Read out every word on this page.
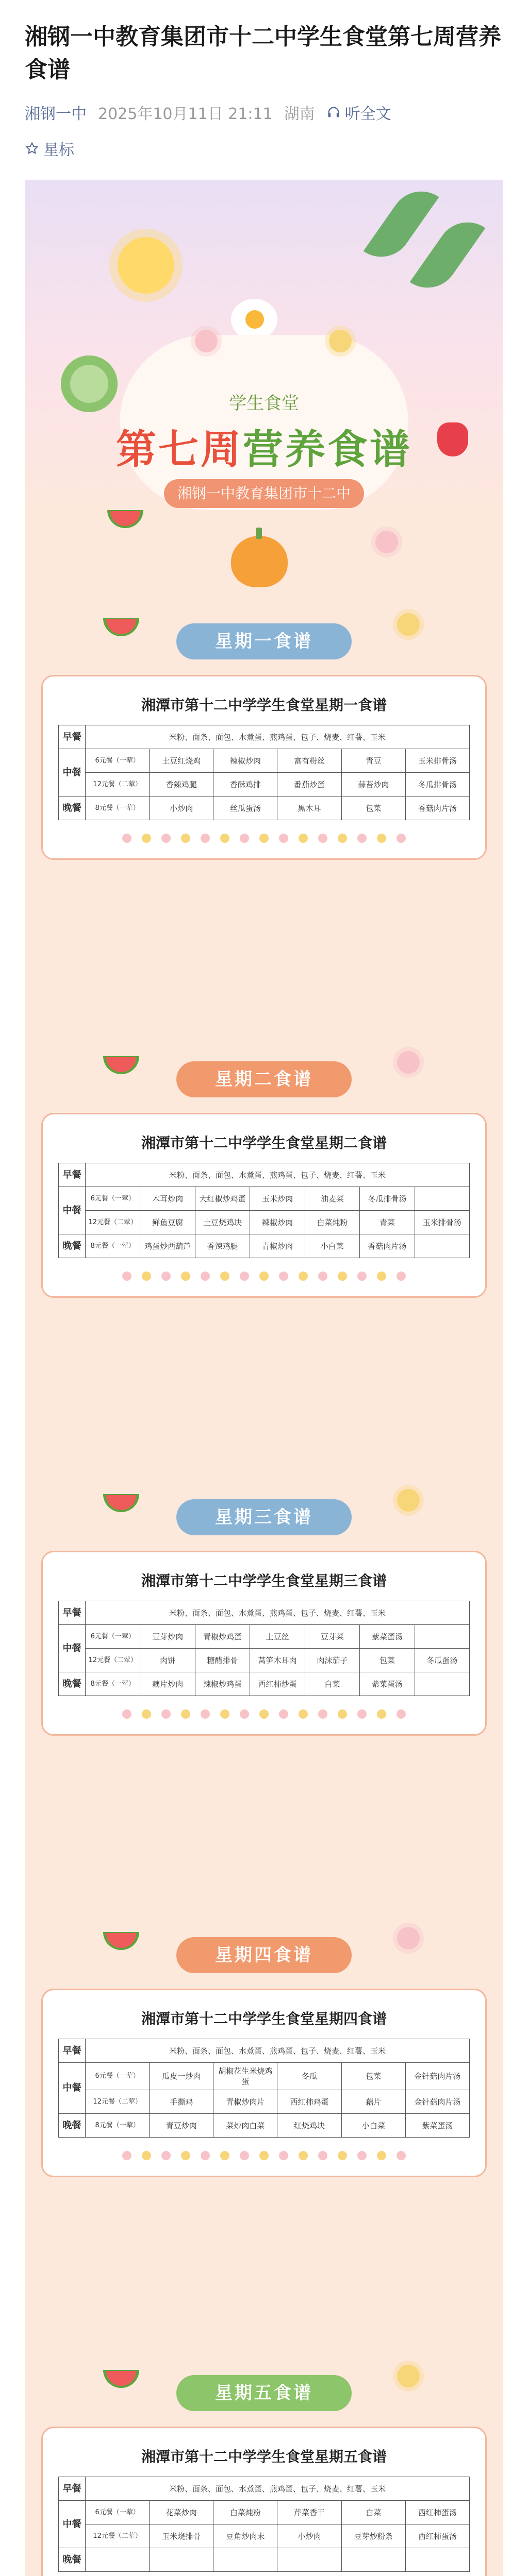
湘钢一中教育集团市十二中学生食堂第七周营养食谱
湘钢一中 2025年10月11日 21:11 湖南 听全文
星标
学生食堂
第七周营养食谱
湘钢一中教育集团市十二中
星期一食谱
湘潭市第十二中学学生食堂星期一食谱
早餐	米粉、面条、面包、水煮蛋、煎鸡蛋、包子、烧麦、红薯、玉米					
中餐	6元餐（一荤）	土豆红烧鸡	辣椒炒肉	富有粉丝	青豆	玉米排骨汤
	12元餐（二荤）	香辣鸡腿	香酥鸡排	番茄炒蛋	蒜苔炒肉	冬瓜排骨汤
晚餐	8元餐（一荤）	小炒肉	丝瓜蛋汤	黑木耳	包菜	香菇肉片汤
星期二食谱
湘潭市第十二中学学生食堂星期二食谱
早餐	米粉、面条、面包、水煮蛋、煎鸡蛋、包子、烧麦、红薯、玉米						
中餐	6元餐（一荤）	木耳炒肉	大红椒炒鸡蛋	玉米炒肉	油麦菜	冬瓜排骨汤	
	12元餐（二荤）	鲜鱼豆腐	土豆烧鸡块	辣椒炒肉	白菜炖粉	青菜	玉米排骨汤
晚餐	8元餐（一荤）	鸡蛋炒西葫芦	香辣鸡腿	青椒炒肉	小白菜	香菇肉片汤	
星期三食谱
湘潭市第十二中学学生食堂星期三食谱
早餐	米粉、面条、面包、水煮蛋、煎鸡蛋、包子、烧麦、红薯、玉米						
中餐	6元餐（一荤）	豆芽炒肉	青椒炒鸡蛋	土豆丝	豆芽菜	紫菜蛋汤	
	12元餐（二荤）	肉饼	糖醋排骨	莴笋木耳肉	肉沫茄子	包菜	冬瓜蛋汤
晚餐	8元餐（一荤）	藕片炒肉	辣椒炒鸡蛋	西红柿炒蛋	白菜	紫菜蛋汤	
星期四食谱
湘潭市第十二中学学生食堂星期四食谱
早餐	米粉、面条、面包、水煮蛋、煎鸡蛋、包子、烧麦、红薯、玉米					
中餐	6元餐（一荤）	瓜皮一炒肉	胡椒花生米烧鸡蛋	冬瓜	包菜	金针菇肉片汤
	12元餐（二荤）	手撕鸡	青椒炒肉片	西红柿鸡蛋	藕片	金针菇肉片汤
晚餐	8元餐（一荤）	青豆炒肉	菜炒肉白菜	红烧鸡块	小白菜	紫菜蛋汤
星期五食谱
湘潭市第十二中学学生食堂星期五食谱
早餐	米粉、面条、面包、水煮蛋、煎鸡蛋、包子、烧麦、红薯、玉米					
中餐	6元餐（一荤）	花菜炒肉	白菜炖粉	芹菜香干	白菜	西红柿蛋汤
	12元餐（二荤）	玉米烧排骨	豆角炒肉末	小炒肉	豆芽炒粉条	西红柿蛋汤
晚餐						
